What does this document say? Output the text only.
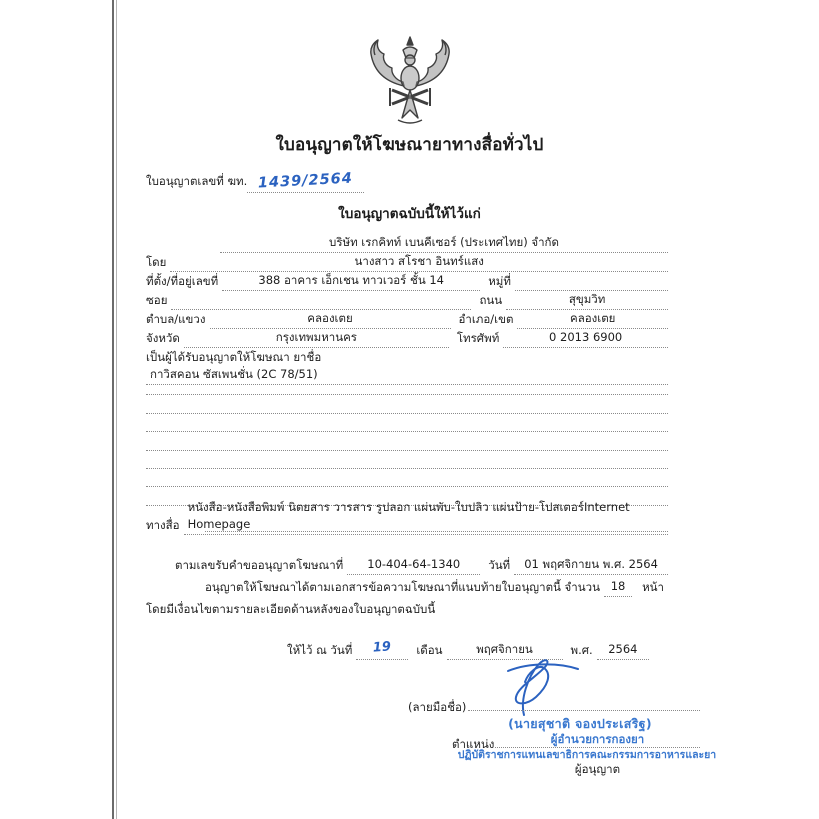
ใบอนุญาตให้โฆษณายาทางสื่อทั่วไป
ใบอนุญาตเลขที่ ฆท. 1439/2564
ใบอนุญาตฉบับนี้ให้ไว้แก่
บริษัท เรกคิทท์ เบนคีเซอร์ (ประเทศไทย) จำกัด
โดย	นางสาว สโรชา อินทร์แสง
ที่ตั้ง/ที่อยู่เลขที่	388 อาคาร เอ็กเชน ทาวเวอร์ ชั้น 14	หมู่ที่
ซอย	ถนน	สุขุมวิท
ตำบล/แขวง	คลองเตย	อำเภอ/เขต	คลองเตย
จังหวัด	กรุงเทพมหานคร	โทรศัพท์	0 2013 6900
เป็นผู้ได้รับอนุญาตให้โฆษณา ยาชื่อ
กาวิสคอน ซัสเพนชั่น (2C 78/51)
ทางสื่อ
หนังสือ-หนังสือพิมพ์ นิตยสาร วารสาร รูปลอก แผ่นพับ-ใบปลิว แผ่นป้าย-โปสเตอร์Internet Homepage
ตามเลขรับคำขออนุญาตโฆษณาที่	10-404-64-1340	วันที่	01 พฤศจิกายน พ.ศ. 2564
อนุญาตให้โฆษณาได้ตามเอกสารข้อความโฆษณาที่แนบท้ายใบอนุญาตนี้ จำนวน 18	หน้า
โดยมีเงื่อนไขตามรายละเอียดด้านหลังของใบอนุญาตฉบับนี้
ให้ไว้ ณ วันที่	19	เดือน	พฤศจิกายน	พ.ศ.	2564
(ลายมือชื่อ)
(นายสุชาติ จองประเสริฐ)
ตำแหน่ง	ผู้อำนวยการกองยา
ปฏิบัติราชการแทนเลขาธิการคณะกรรมการอาหารและยา
ผู้อนุญาต
